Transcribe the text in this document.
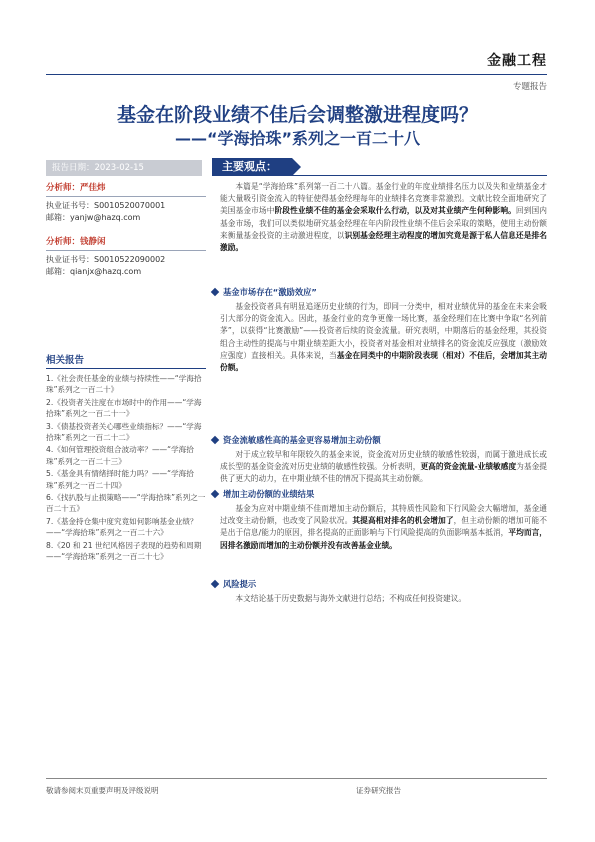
金融工程
专题报告
基金在阶段业绩不佳后会调整激进程度吗？
——“学海拾珠”系列之一百二十八
报告日期：2023-02-15	主要观点：
分析师：严佳炜
执业证书号：S0010520070001
邮箱：yanjw@hazq.com
分析师：钱静闲
执业证书号：S0010522090002
邮箱：qianjx@hazq.com
相关报告
1.《社会责任基金的业绩与持续性——“学海拾珠”系列之一百二十》
2.《投资者关注度在市场时中的作用——“学海拾珠”系列之一百二十一》
3.《债基投资者关心哪些业绩指标？——“学海拾珠”系列之一百二十二》
4.《如何管理投资组合波动率？——“学海拾珠”系列之一百二十三》
5.《基金具有情绪择时能力吗？——“学海拾珠”系列之一百二十四》
6.《找扒股与止损策略——“学海拾珠”系列之一百二十五》
7.《基金持仓集中度究竟如何影响基金业绩？——“学海拾珠”系列之一百二十六》
8.《20 和 21 世纪风格因子表现的趋势和周期——“学海拾珠”系列之一百二十七》

本篇是“学海拾珠”系列第一百二十八篇。基金行业的年度业绩排名压力以及失和业绩基金才能大量吸引资金流入的特征使得基金经理每年的业绩排名竞赛非常激烈。文献比较全面地研究了美国基金市场中阶段性业绩不佳的基金会采取什么行动，以及对其业绩产生何种影响。回到国内基金市场，我们可以类似地研究基金经理在年内阶段性业绩不佳后会采取的策略，使用主动份额来衡量基金投资的主动激进程度，以识别基金经理主动程度的增加究竟是源于私人信息还是排名激励。

基金市场存在“激励效应”

基金投资者具有明显追逐历史业绩的行为，即同一分类中，相对业绩优异的基金在未来会吸引大部分的资金流入。因此，基金行业的竞争更像一场比赛，基金经理们在比赛中争取“名列前茅”，以获得“比赛激励”——投资者后续的资金流量。研究表明，中期落后的基金经理，其投资组合主动性的提高与中期业绩差距大小，投资者对基金相对业绩排名的资金流反应强度（激励效应强度）直接相关。具体来说，当基金在同类中的中期阶段表现（相对）不佳后，会增加其主动份额。

资金流敏感性高的基金更容易增加主动份额

对于成立较早和年限较久的基金来说，资金流对历史业绩的敏感性较弱，而属于激进成长或成长型的基金资金流对历史业绩的敏感性较强。分析表明，更高的资金流量-业绩敏感度为基金提供了更大的动力，在中期业绩不佳的情况下提高其主动份额。

增加主动份额的业绩结果

基金为应对中期业绩不佳而增加主动份额后，其特质性风险和下行风险会大幅增加，基金通过改变主动份额，也改变了风险状况。其提高相对排名的机会增加了，但主动份额的增加可能不是出于信息/能力的原因，排名提高的正面影响与下行风险提高的负面影响基本抵消，平均而言，因排名激励而增加的主动份额并没有改善基金业绩。

风险提示

本文结论基于历史数据与海外文献进行总结；不构成任何投资建议。

敬请参阅末页重要声明及评级说明	证券研究报告
